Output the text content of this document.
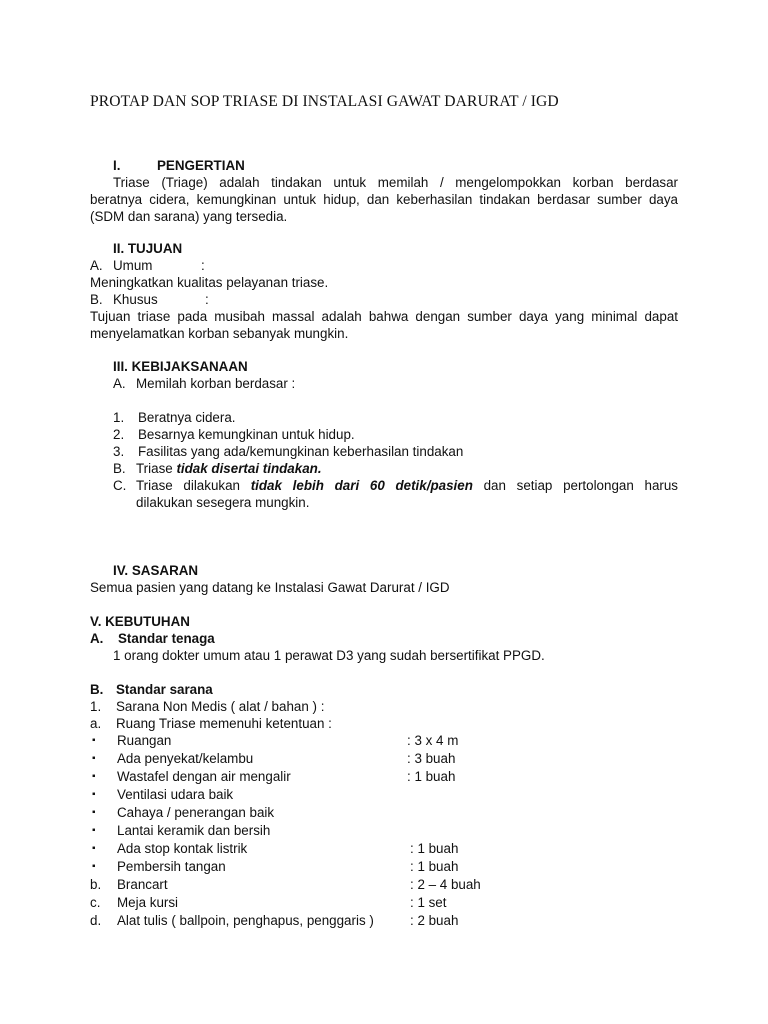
PROTAP DAN SOP TRIASE DI INSTALASI GAWAT DARURAT / IGD
I.	PENGERTIAN
Triase (Triage) adalah tindakan untuk memilah / mengelompokkan korban berdasar
beratnya cidera, kemungkinan untuk hidup, dan keberhasilan tindakan berdasar sumber daya (SDM dan sarana) yang tersedia.
II. TUJUAN
A. Umum	:
Meningkatkan kualitas pelayanan triase.
B. Khusus	:
Tujuan triase pada musibah massal adalah bahwa dengan sumber daya yang minimal dapat menyelamatkan korban sebanyak mungkin.
III. KEBIJAKSANAAN
A. Memilah korban berdasar :
1. Beratnya cidera.
2. Besarnya kemungkinan untuk hidup.
3. Fasilitas yang ada/kemungkinan keberhasilan tindakan
B. Triase tidak disertai tindakan.
C. Triase dilakukan tidak lebih dari 60 detik/pasien dan setiap pertolongan harus
dilakukan sesegera mungkin.
IV. SASARAN
Semua pasien yang datang ke Instalasi Gawat Darurat / IGD
V. KEBUTUHAN
A. Standar tenaga
1 orang dokter umum atau 1 perawat D3 yang sudah bersertifikat PPGD.
B. Standar sarana
1. Sarana Non Medis ( alat / bahan ) :
a. Ruang Triase memenuhi ketentuan :
▪ Ruangan	: 3 x 4 m
▪ Ada penyekat/kelambu	: 3 buah
▪ Wastafel dengan air mengalir	: 1 buah
▪ Ventilasi udara baik
▪ Cahaya / penerangan baik
▪ Lantai keramik dan bersih
▪ Ada stop kontak listrik	: 1 buah
▪ Pembersih tangan	: 1 buah
b. Brancart	: 2 – 4 buah
c. Meja kursi	: 1 set
d. Alat tulis ( ballpoin, penghapus, penggaris )	: 2 buah
